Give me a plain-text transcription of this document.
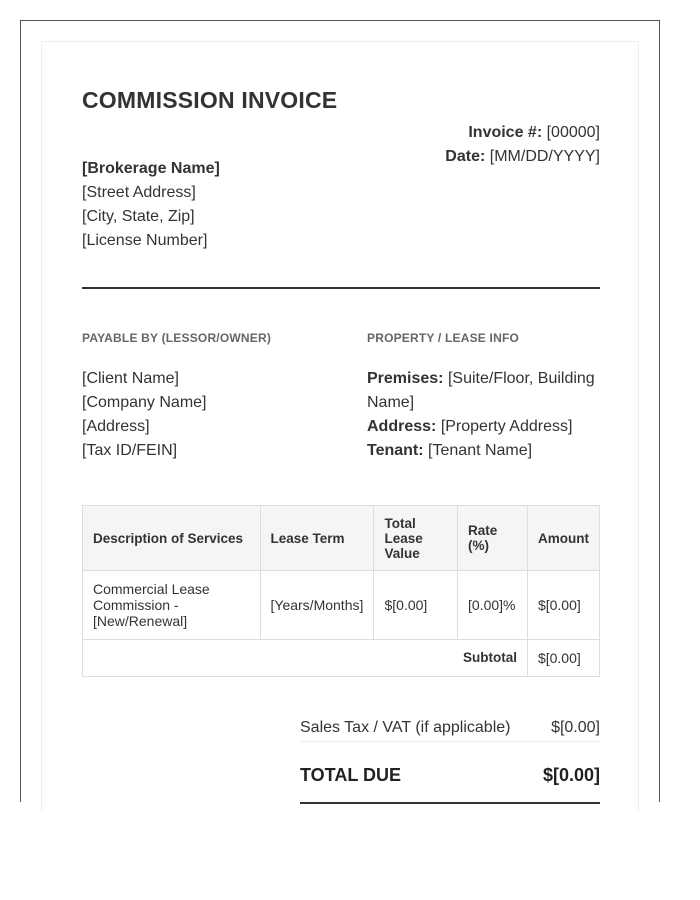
COMMISSION INVOICE
[Brokerage Name]
[Street Address]
[City, State, Zip]
[License Number]
Invoice #: [00000]
Date: [MM/DD/YYYY]
PAYABLE BY (LESSOR/OWNER)
[Client Name]
[Company Name]
[Address]
[Tax ID/FEIN]
PROPERTY / LEASE INFO
Premises: [Suite/Floor, Building Name]
Address: [Property Address]
Tenant: [Tenant Name]
Description of Services	Lease Term	Total Lease Value	Rate (%)	Amount
Commercial Lease Commission - [New/Renewal]	[Years/Months]	$[0.00]	[0.00]%	$[0.00]
Subtotal				$[0.00]
Sales Tax / VAT (if applicable)	$[0.00]
TOTAL DUE	$[0.00]
